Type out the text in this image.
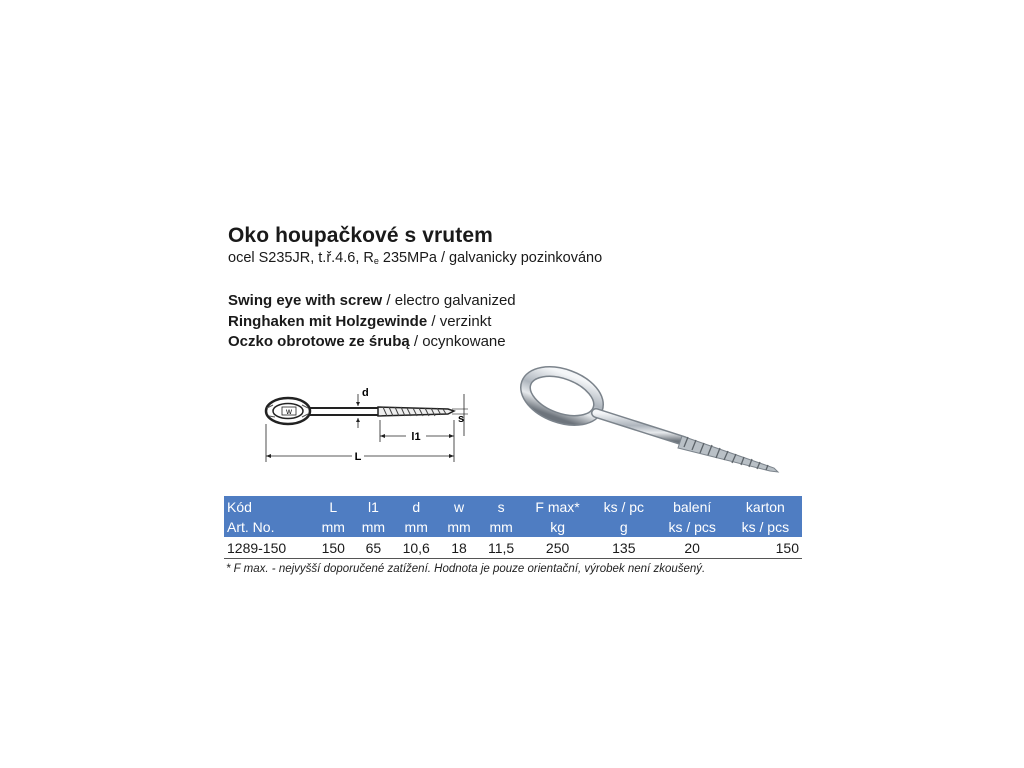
Oko houpačkové s vrutem
ocel S235JR, t.ř.4.6, $R_e$ 235MPa / galvanicky pozinkováno
Swing eye with screw / electro galvanized
Ringhaken mit Holzgewinde / verzinkt
Oczko obrotowe ze śrubą / ocynkowane
w
d
s
l1
L
Kód	L	l1	d	w	s	F max*	ks / pc	balení	karton
Art. No.	mm	mm	mm	mm	mm	kg	g	ks / pcs	ks / pcs
1289-150	150	65	10,6	18	11,5	250	135	20	150
* F max. - nejvyšší doporučené zatížení. Hodnota je pouze orientační, výrobek není zkoušený.
